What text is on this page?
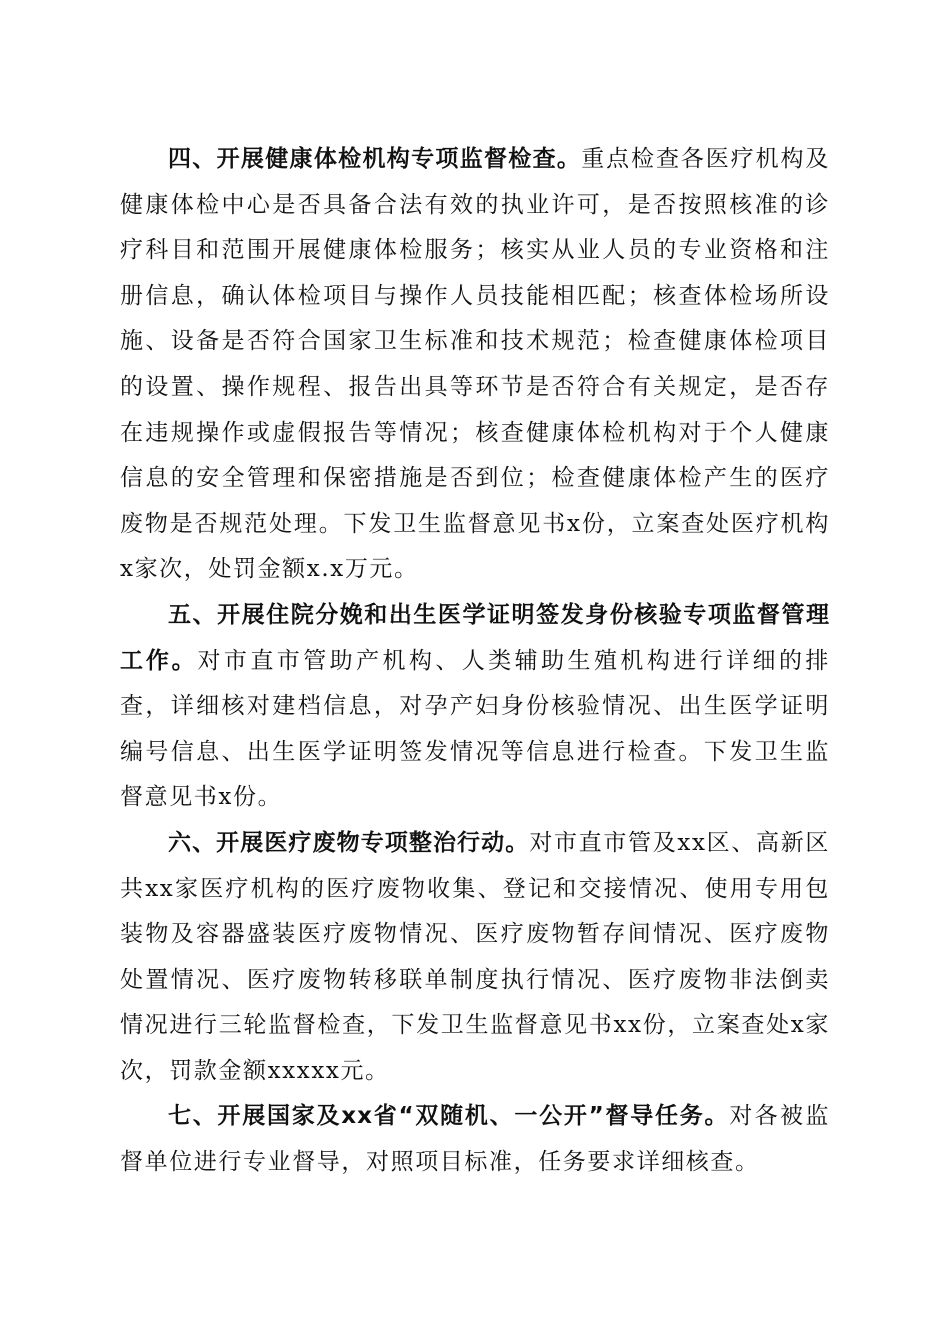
四、开展健康体检机构专项监督检查。重点检查各医疗机构及健康体检中心是否具备合法有效的执业许可，是否按照核准的诊疗科目和范围开展健康体检服务；核实从业人员的专业资格和注册信息，确认体检项目与操作人员技能相匹配；核查体检场所设施、设备是否符合国家卫生标准和技术规范；检查健康体检项目的设置、操作规程、报告出具等环节是否符合有关规定，是否存在违规操作或虚假报告等情况；核查健康体检机构对于个人健康信息的安全管理和保密措施是否到位；检查健康体检产生的医疗废物是否规范处理。下发卫生监督意见书x份，立案查处医疗机构x家次，处罚金额x.x万元。

五、开展住院分娩和出生医学证明签发身份核验专项监督管理工作。对市直市管助产机构、人类辅助生殖机构进行详细的排查，详细核对建档信息，对孕产妇身份核验情况、出生医学证明编号信息、出生医学证明签发情况等信息进行检查。下发卫生监督意见书x份。

六、开展医疗废物专项整治行动。对市直市管及xx区、高新区共xx家医疗机构的医疗废物收集、登记和交接情况、使用专用包装物及容器盛装医疗废物情况、医疗废物暂存间情况、医疗废物处置情况、医疗废物转移联单制度执行情况、医疗废物非法倒卖情况进行三轮监督检查，下发卫生监督意见书xx份，立案查处x家次，罚款金额xxxxx元。

七、开展国家及xx省“双随机、一公开”督导任务。对各被监督单位进行专业督导，对照项目标准，任务要求详细核查。
